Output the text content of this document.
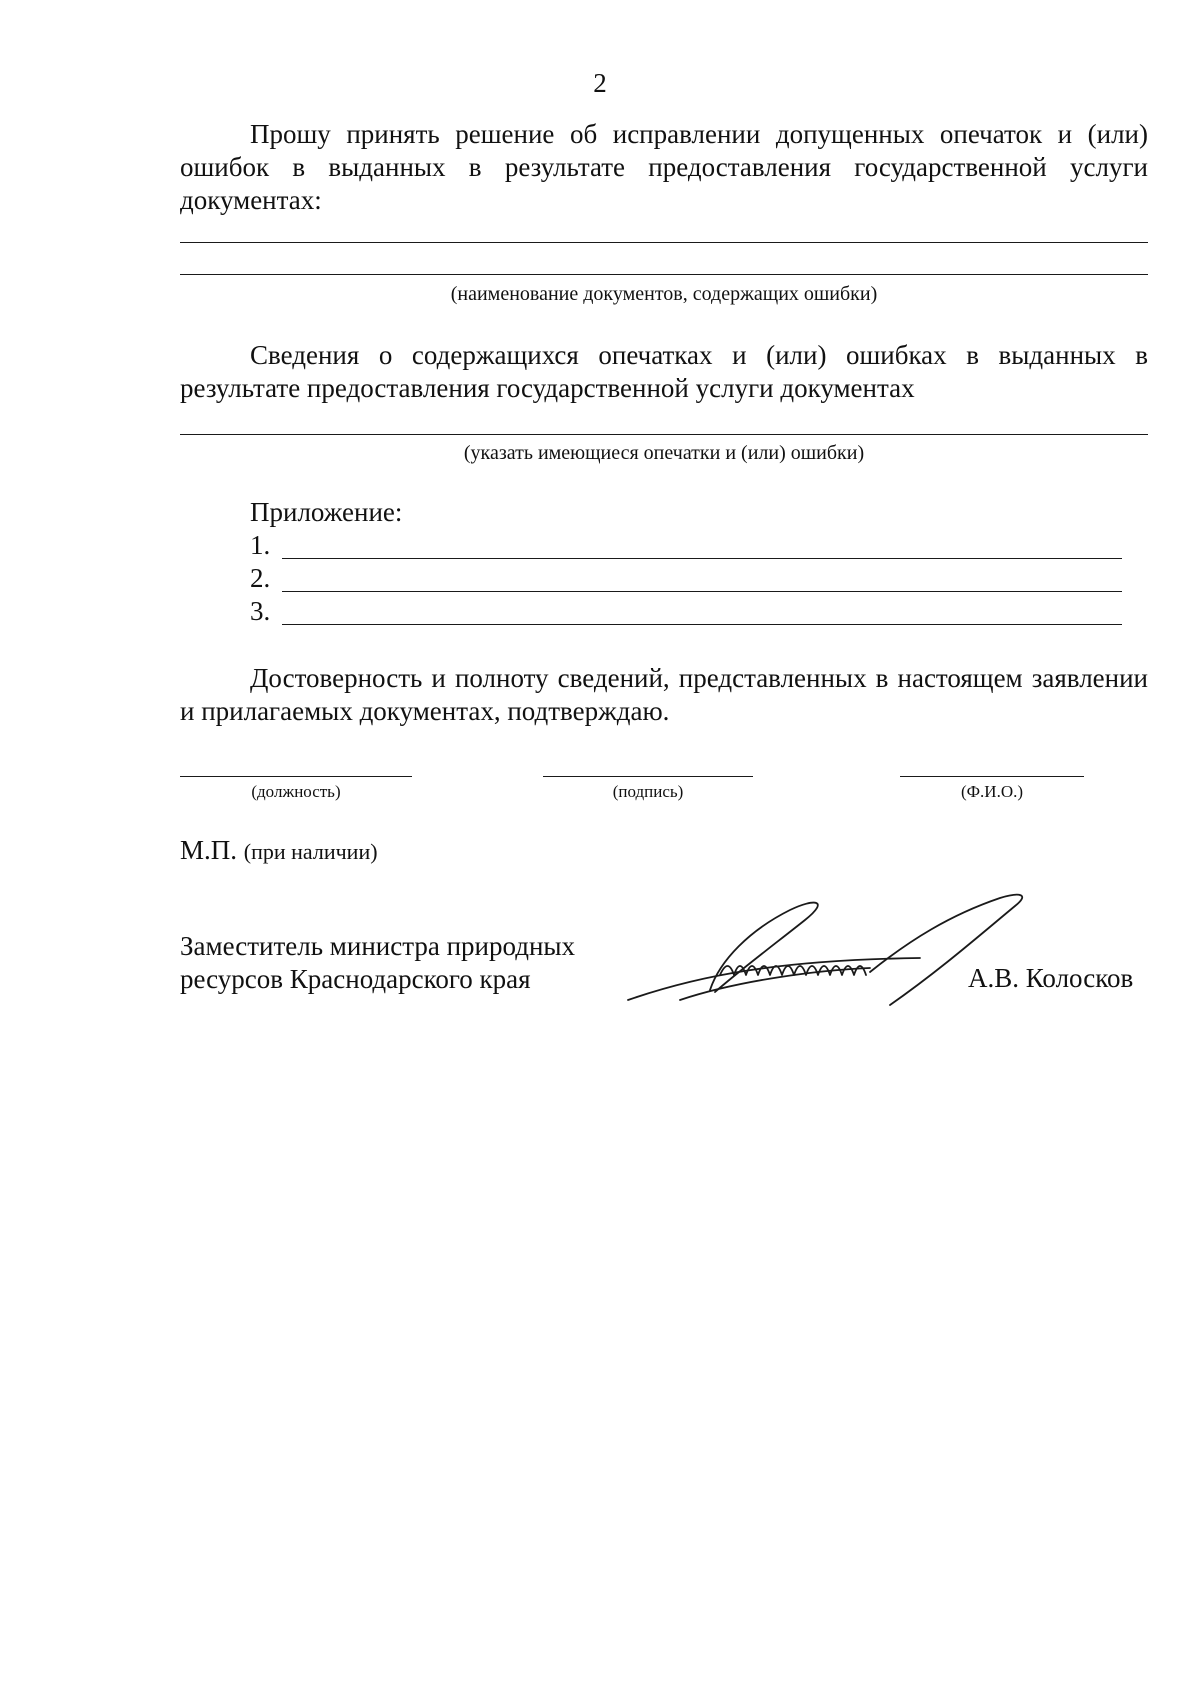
2

Прошу принять решение об исправлении допущенных опечаток и (или) ошибок в выданных в результате предоставления государственной услуги документах:

(наименование документов, содержащих ошибки)

Сведения о содержащихся опечатках и (или) ошибках в выданных в результате предоставления государственной услуги документах

(указать имеющиеся опечатки и (или) ошибки)
Приложение:
1.
2.
3.

Достоверность и полноту сведений, представленных в настоящем заявлении и прилагаемых документах, подтверждаю.

(должность)	(подпись)	(Ф.И.О.)
М.П. (при наличии)
Заместитель министра природных
ресурсов Краснодарского края	А.В. Колосков
